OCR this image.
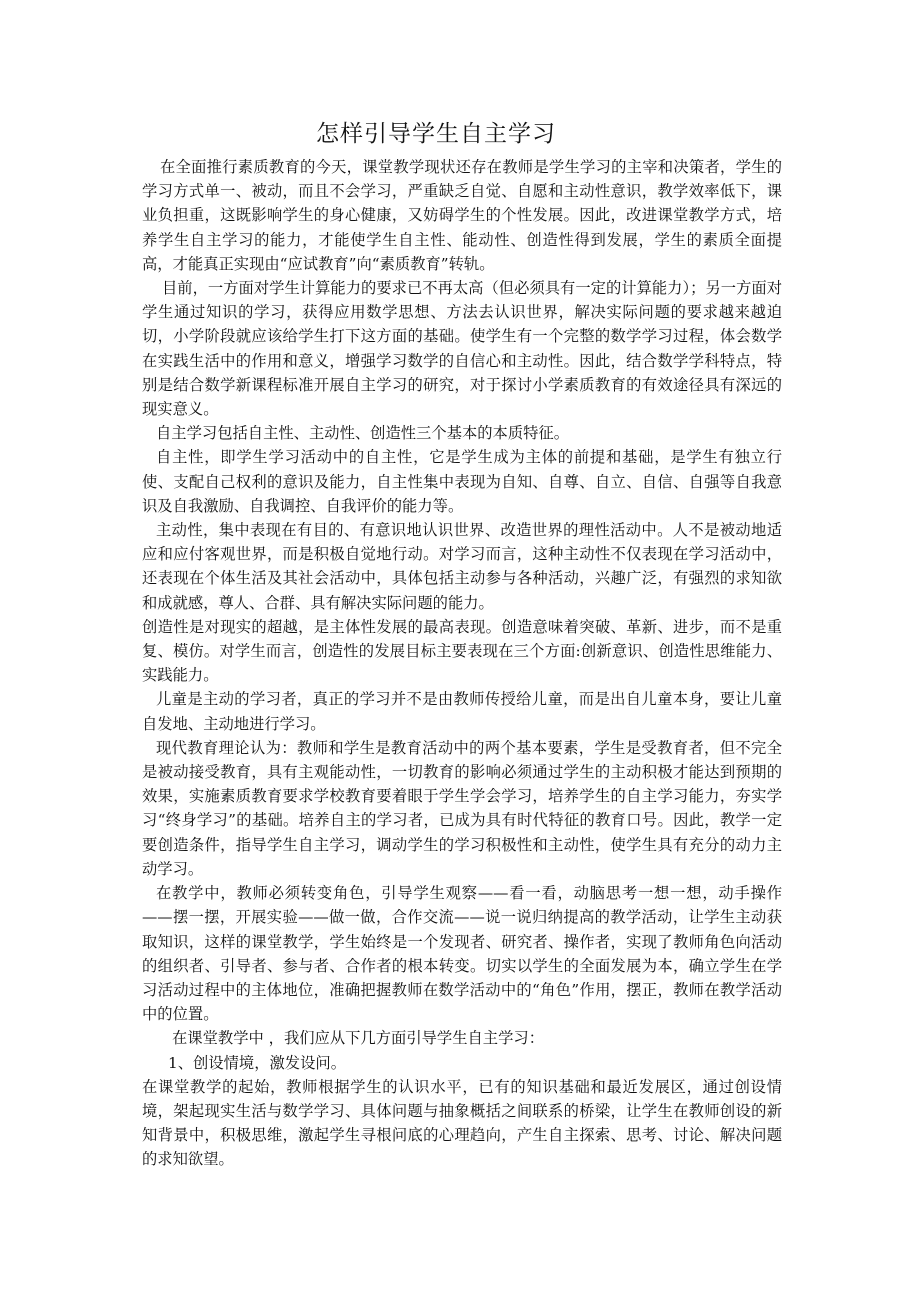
怎样引导学生自主学习

在全面推行素质教育的今天，课堂教学现状还存在教师是学生学习的主宰和决策者，学生的学习方式单一、被动，而且不会学习，严重缺乏自觉、自愿和主动性意识，教学效率低下，课业负担重，这既影响学生的身心健康，又妨碍学生的个性发展。因此，改进课堂教学方式，培养学生自主学习的能力，才能使学生自主性、能动性、创造性得到发展，学生的素质全面提高，才能真正实现由“应试教育”向“素质教育”转轨。

目前，一方面对学生计算能力的要求已不再太高（但必须具有一定的计算能力）；另一方面对学生通过知识的学习，获得应用数学思想、方法去认识世界，解决实际问题的要求越来越迫切，小学阶段就应该给学生打下这方面的基础。使学生有一个完整的数学学习过程，体会数学在实践生活中的作用和意义，增强学习数学的自信心和主动性。因此，结合数学学科特点，特别是结合数学新课程标准开展自主学习的研究，对于探讨小学素质教育的有效途径具有深远的现实意义。

自主学习包括自主性、主动性、创造性三个基本的本质特征。

自主性，即学生学习活动中的自主性，它是学生成为主体的前提和基础，是学生有独立行使、支配自己权利的意识及能力，自主性集中表现为自知、自尊、自立、自信、自强等自我意识及自我激励、自我调控、自我评价的能力等。

主动性，集中表现在有目的、有意识地认识世界、改造世界的理性活动中。人不是被动地适应和应付客观世界，而是积极自觉地行动。对学习而言，这种主动性不仅表现在学习活动中，还表现在个体生活及其社会活动中，具体包括主动参与各种活动，兴趣广泛，有强烈的求知欲和成就感，尊人、合群、具有解决实际问题的能力。

创造性是对现实的超越，是主体性发展的最高表现。创造意味着突破、革新、进步，而不是重复、模仿。对学生而言，创造性的发展目标主要表现在三个方面:创新意识、创造性思维能力、实践能力。

儿童是主动的学习者，真正的学习并不是由教师传授给儿童，而是出自儿童本身，要让儿童自发地、主动地进行学习。

现代教育理论认为：教师和学生是教育活动中的两个基本要素，学生是受教育者，但不完全是被动接受教育，具有主观能动性，一切教育的影响必须通过学生的主动积极才能达到预期的效果，实施素质教育要求学校教育要着眼于学生学会学习，培养学生的自主学习能力，夯实学习“终身学习”的基础。培养自主的学习者，已成为具有时代特征的教育口号。因此，教学一定要创造条件，指导学生自主学习，调动学生的学习积极性和主动性，使学生具有充分的动力主动学习。

在教学中，教师必须转变角色，引导学生观察——看一看，动脑思考一想一想，动手操作——摆一摆，开展实验——做一做，合作交流——说一说归纳提高的教学活动，让学生主动获取知识，这样的课堂教学，学生始终是一个发现者、研究者、操作者，实现了教师角色向活动的组织者、引导者、参与者、合作者的根本转变。切实以学生的全面发展为本，确立学生在学习活动过程中的主体地位，准确把握教师在数学活动中的“角色”作用，摆正，教师在教学活动中的位置。

在课堂教学中 ，我们应从下几方面引导学生自主学习：

1、创设情境，激发设问。

在课堂教学的起始，教师根据学生的认识水平，已有的知识基础和最近发展区，通过创设情境，架起现实生活与数学学习、具体问题与抽象概括之间联系的桥梁，让学生在教师创设的新知背景中，积极思维，激起学生寻根问底的心理趋向，产生自主探索、思考、讨论、解决问题的求知欲望。
